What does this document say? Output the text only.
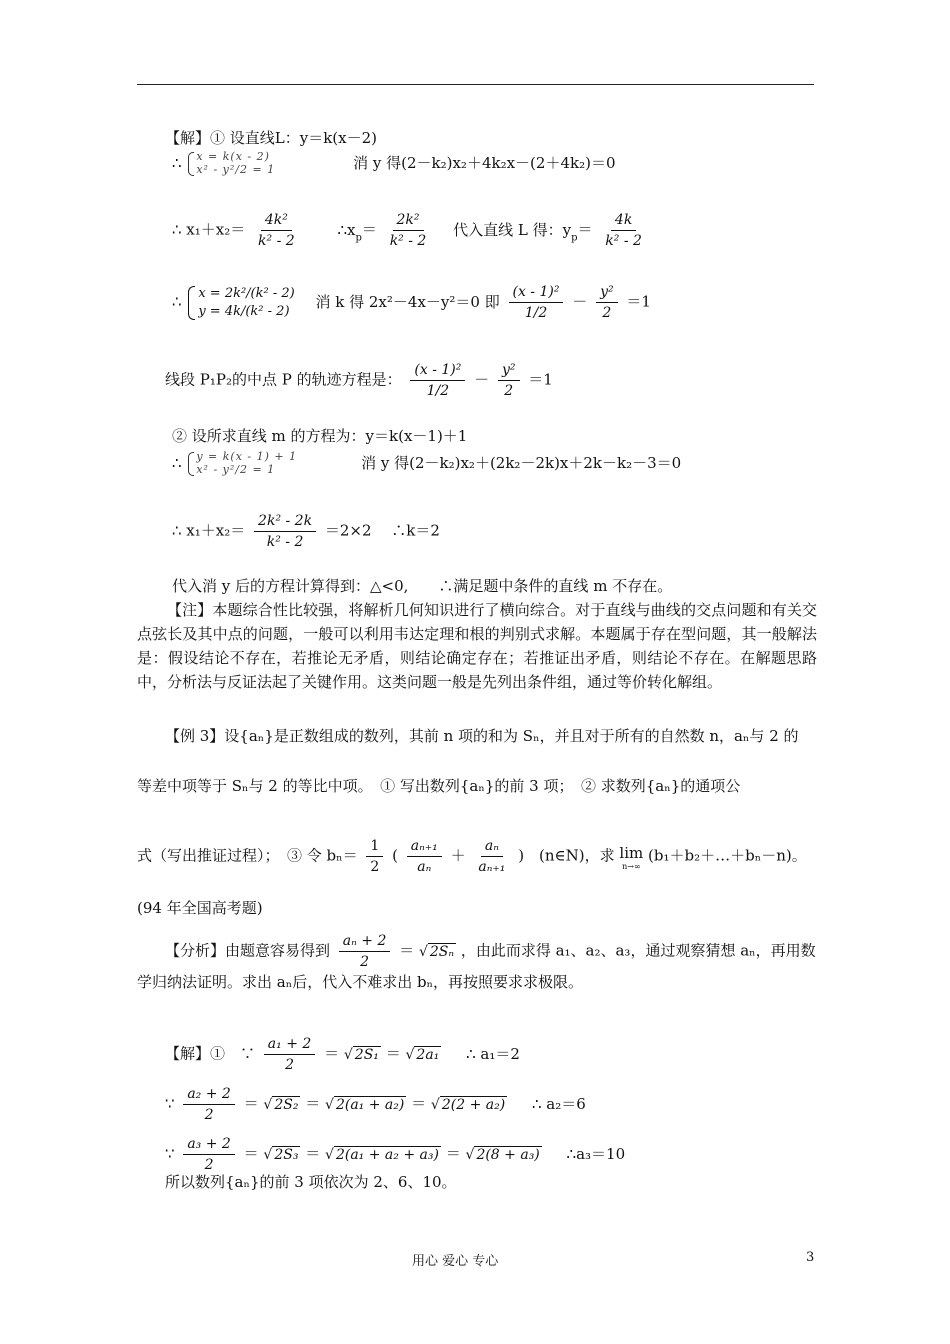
【解】① 设直线L：y＝k(x－2)
∴ x = k(x - 2)
x² - y²/2 = 1	消 y 得(2－k₂)x₂＋4k₂x－(2＋4k₂)＝0
∴ $x_1+x_2= \frac{\text{4k²}}{\text{k² - 2}}$	$\therefore x_p= \frac{\text{2k²}}{\text{k² - 2}}$ 代入直线 L 得：$y_p= \frac{4k}{\text{k² - 2}}$
∴ x = 2k²/(k² - 2)
y = 4k/(k² - 2)
消 k 得 2x²－4x－y²＝0 即 $\frac{\text{(x - 1)²}}{1/2} - \frac{\text{y²}}{2} =1$
线段 P₁P₂的中点 P 的轨迹方程是： $\frac{\text{(x - 1)²}}{1/2} - \frac{\text{y²}}{2} =1$
② 设所求直线 m 的方程为：y＝k(x－1)＋1
∴ y = k(x - 1) + 1
x² - y²/2 = 1	消 y 得(2－k₂)x₂＋(2k₂－2k)x＋2k－k₂－3＝0
∴ $x_1+x_2= \frac{\text{2k² - 2k}}{\text{k² - 2}} =2\times 2$　 ∴k＝2
代入消 y 后的方程计算得到：△<0,　　∴满足题中条件的直线 m 不存在。
【注】本题综合性比较强，将解析几何知识进行了横向综合。对于直线与曲线的交点问题和有关交点弦长及其中点的问题，一般可以利用韦达定理和根的判别式求解。本题属于存在型问题，其一般解法是：假设结论不存在，若推论无矛盾，则结论确定存在；若推证出矛盾，则结论不存在。在解题思路中，分析法与反证法起了关键作用。这类问题一般是先列出条件组，通过等价转化解组。
【例 3】设{aₙ}是正数组成的数列，其前 n 项的和为 Sₙ，并且对于所有的自然数 n，aₙ与 2 的
等差中项等于 Sₙ与 2 的等比中项。　① 写出数列{aₙ}的前 3 项；　② 求数列{aₙ}的通项公
式（写出推证过程）；　③ 令 $b_n= \frac{1}{2}$ ( $\frac{\text{aₙ₊₁}}{\text{aₙ}} + \frac{\text{aₙ}}{\text{aₙ₊₁}}$ )　(n∈N)，求 lim
n→∞
(b₁＋b₂＋…＋bₙ－n)。
(94 年全国高考题)
【分析】由题意容易得到 $\frac{\text{aₙ + 2}}{2}$ ＝ √ 2Sₙ ，由此而求得 a₁、a₂、a₃，通过观察猜想 aₙ，再用数
学归纳法证明。求出 aₙ后，代入不难求出 bₙ，再按照要求求极限。
【解】①　∵ $\frac{\text{a₁ + 2}}{2}$ ＝ √ 2S₁ ＝ √ 2a₁ ∴ a₁＝2
∵ $\frac{\text{a₂ + 2}}{2}$ ＝ √ 2S₂ ＝ √ 2(a₁ + a₂) ＝ √ 2(2 + a₂) ∴ a₂＝6
∵ $\frac{\text{a₃ + 2}}{2}$ ＝ √ 2S₃ ＝ √ 2(a₁ + a₂ + a₃) ＝ √ 2(8 + a₃) ∴a₃＝10
所以数列{aₙ}的前 3 项依次为 2、6、10。
用心 爱心 专心	3
